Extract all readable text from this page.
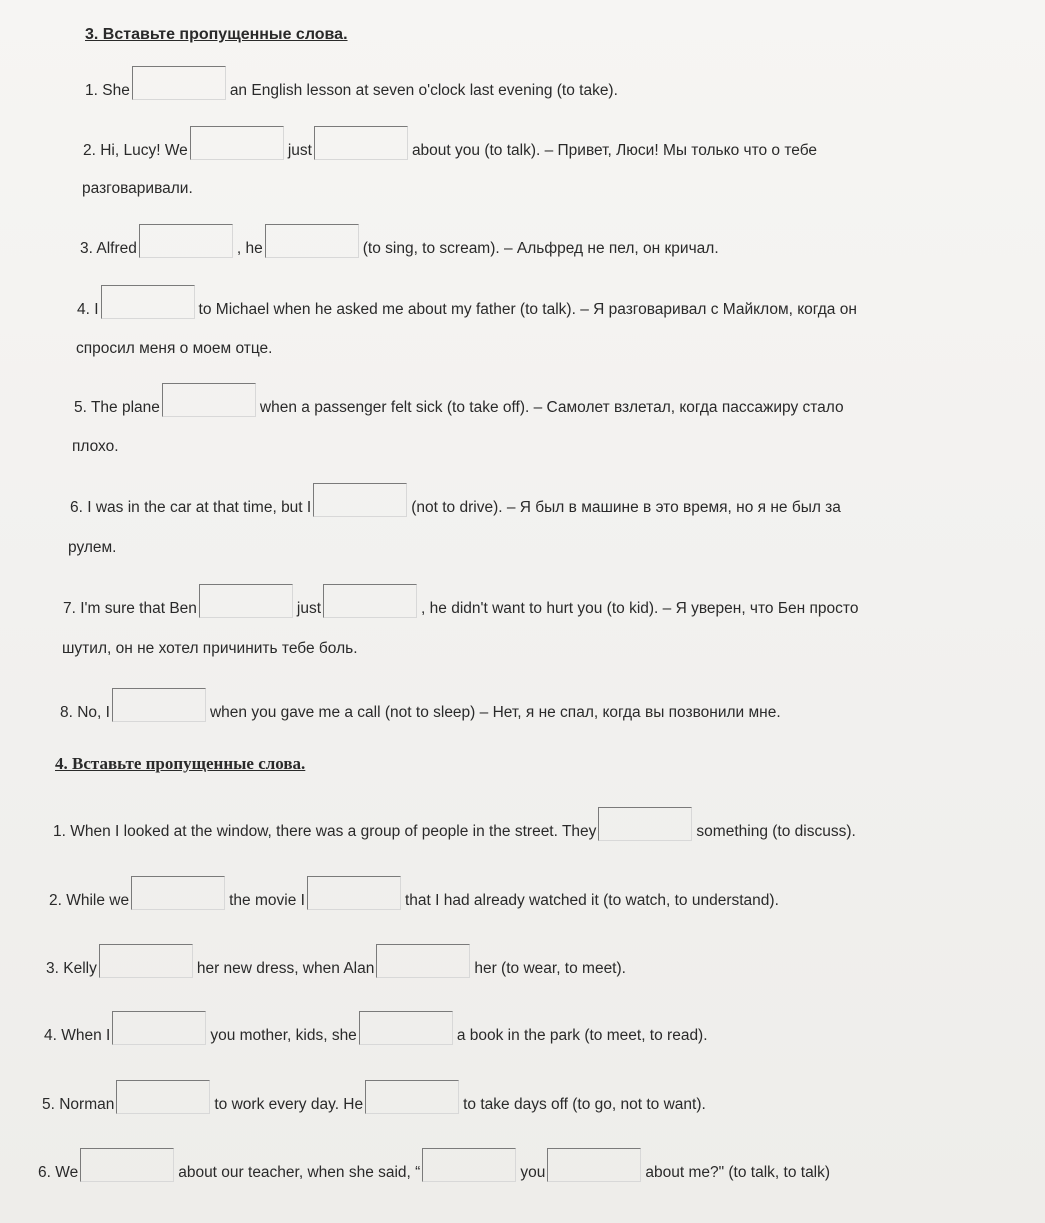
3. Вставьте пропущенные слова.
1. She	an English lesson at seven o'clock last evening (to take).
2. Hi, Lucy! We	just	about you (to talk). – Привет, Люси! Мы только что о тебе
разговаривали.
3. Alfred	, he	(to sing, to scream). – Альфред не пел, он кричал.
4. I	to Michael when he asked me about my father (to talk). – Я разговаривал с Майклом, когда он
спросил меня о моем отце.
5. The plane	when a passenger felt sick (to take off). – Самолет взлетал, когда пассажиру стало
плохо.
6. I was in the car at that time, but I	(not to drive). – Я был в машине в это время, но я не был за
рулем.
7. I'm sure that Ben	just	, he didn't want to hurt you (to kid). – Я уверен, что Бен просто
шутил, он не хотел причинить тебе боль.
8. No, I	when you gave me a call (not to sleep) – Нет, я не спал, когда вы позвонили мне.
4. Вставьте пропущенные слова.
1. When I looked at the window, there was a group of people in the street. They	something (to discuss).
2. While we	the movie I	that I had already watched it (to watch, to understand).
3. Kelly	her new dress, when Alan	her (to wear, to meet).
4. When I	you mother, kids, she	a book in the park (to meet, to read).
5. Norman	to work every day. He	to take days off (to go, not to want).
6. We	about our teacher, when she said, “	you	about me?" (to talk, to talk)
